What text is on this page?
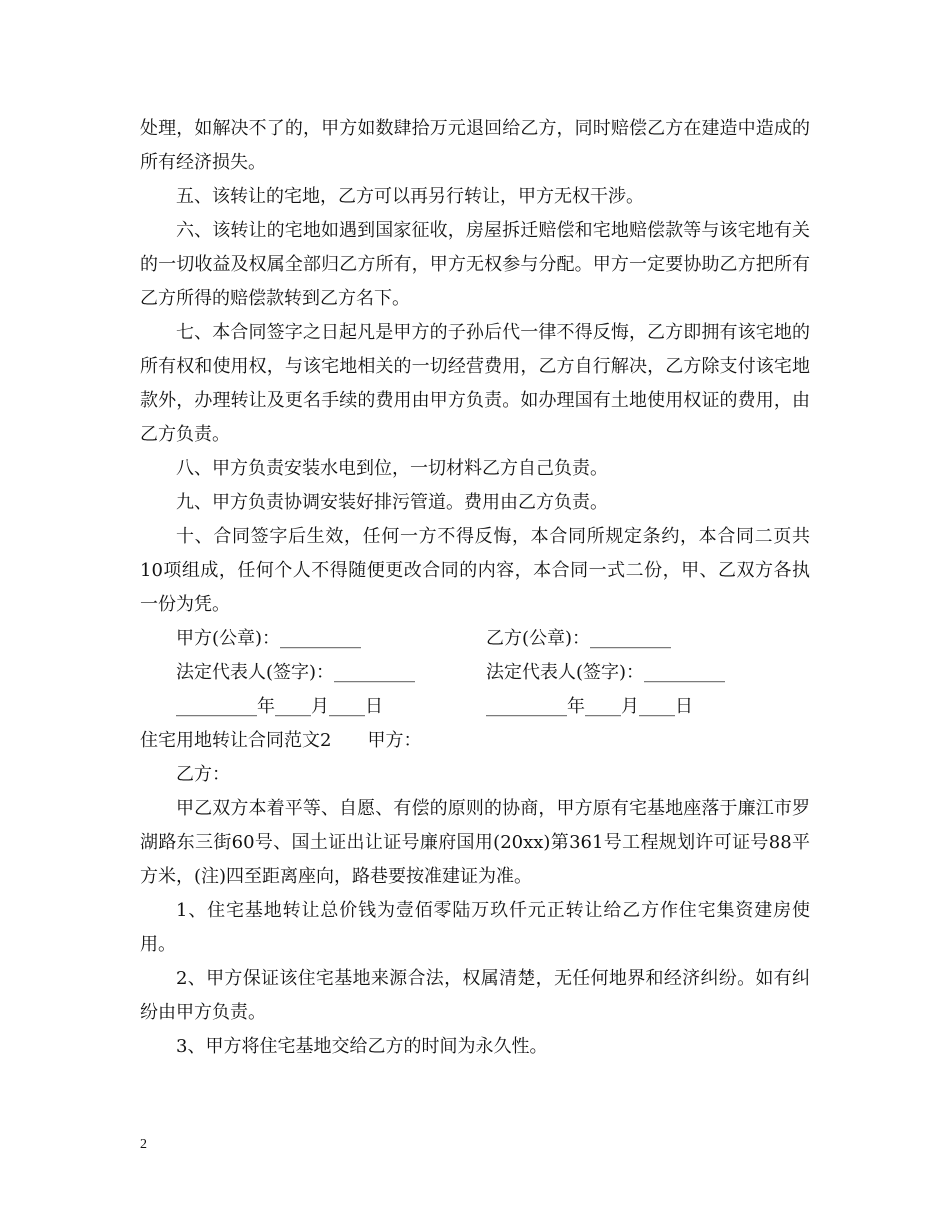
处理，如解决不了的，甲方如数肆拾万元退回给乙方，同时赔偿乙方在建造中造成的所有经济损失。

五、该转让的宅地，乙方可以再另行转让，甲方无权干涉。

六、该转让的宅地如遇到国家征收，房屋拆迁赔偿和宅地赔偿款等与该宅地有关的一切收益及权属全部归乙方所有，甲方无权参与分配。甲方一定要协助乙方把所有乙方所得的赔偿款转到乙方名下。

七、本合同签字之日起凡是甲方的子孙后代一律不得反悔，乙方即拥有该宅地的所有权和使用权，与该宅地相关的一切经营费用，乙方自行解决，乙方除支付该宅地款外，办理转让及更名手续的费用由甲方负责。如办理国有土地使用权证的费用，由乙方负责。

八、甲方负责安装水电到位，一切材料乙方自己负责。

九、甲方负责协调安装好排污管道。费用由乙方负责。

十、合同签字后生效，任何一方不得反悔，本合同所规定条约，本合同二页共10项组成，任何个人不得随便更改合同的内容，本合同一式二份，甲、乙双方各执一份为凭。

甲方(公章)：_________	乙方(公章)：_________
法定代表人(签字)：_________	法定代表人(签字)：_________
_________年____月____日	_________年____月____日
住宅用地转让合同范文2 甲方：

乙方：

甲乙双方本着平等、自愿、有偿的原则的协商，甲方原有宅基地座落于廉江市罗湖路东三街60号、国土证出让证号廉府国用(20xx)第361号工程规划许可证号88平方米，(注)四至距离座向，路巷要按准建证为准。

1、住宅基地转让总价钱为壹佰零陆万玖仟元正转让给乙方作住宅集资建房使用。

2、甲方保证该住宅基地来源合法，权属清楚，无任何地界和经济纠纷。如有纠纷由甲方负责。

3、甲方将住宅基地交给乙方的时间为永久性。

2
